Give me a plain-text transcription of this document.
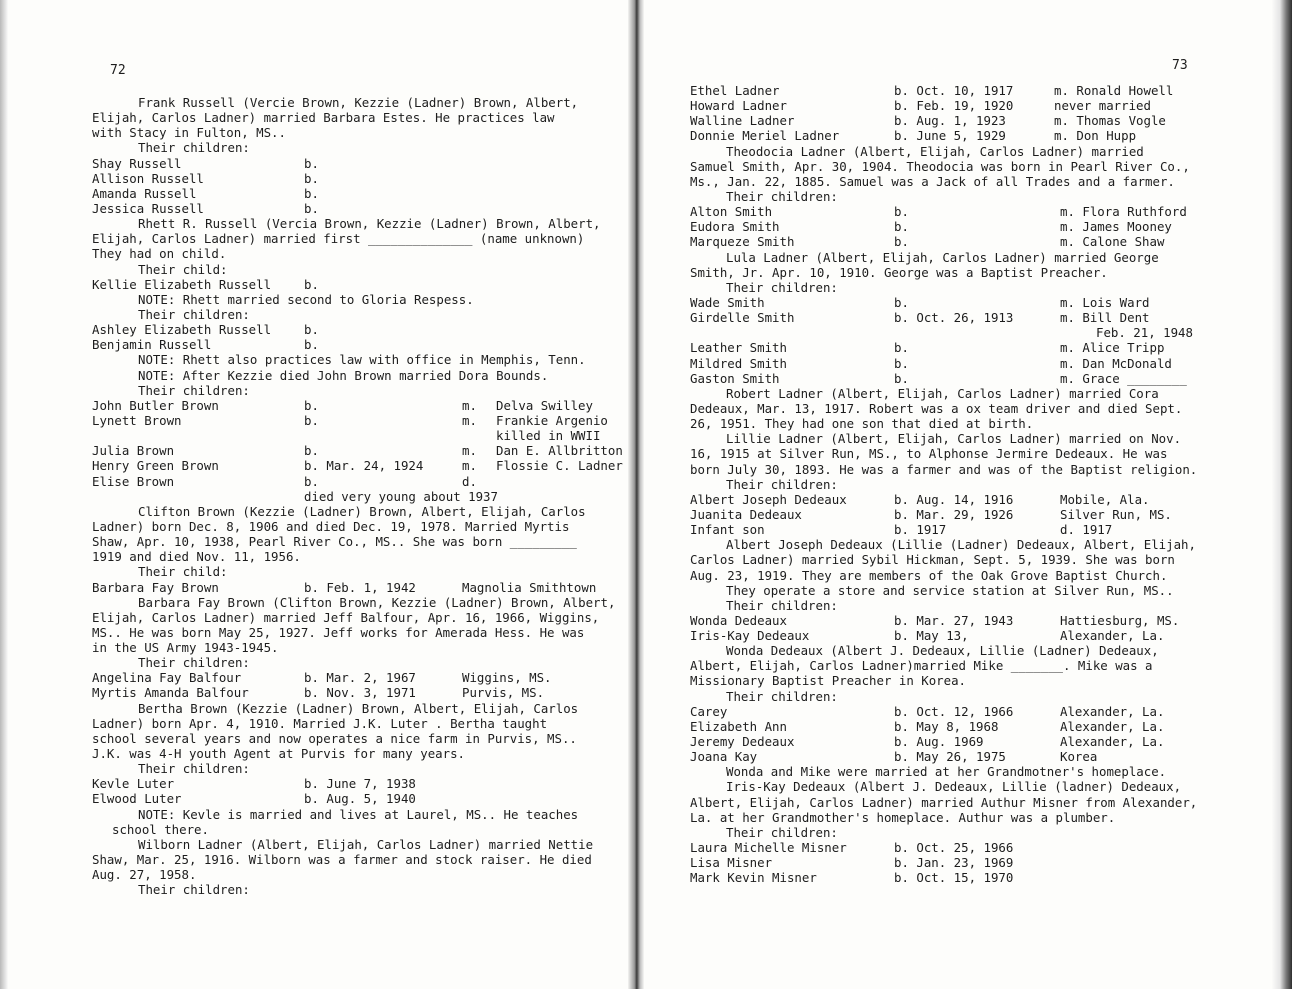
72
Frank Russell (Vercie Brown, Kezzie (Ladner) Brown, Albert,
Elijah, Carlos Ladner) married Barbara Estes. He practices law
with Stacy in Fulton, MS..
Their children:
Shay Russell	b.
Allison Russell	b.
Amanda Russell	b.
Jessica Russell	b.
Rhett R. Russell (Vercia Brown, Kezzie (Ladner) Brown, Albert,
Elijah, Carlos Ladner) married first ______________ (name unknown)
They had on child.
Their child:
Kellie Elizabeth Russell	b.
NOTE: Rhett married second to Gloria Respess.
Their children:
Ashley Elizabeth Russell	b.
Benjamin Russell	b.
NOTE: Rhett also practices law with office in Memphis, Tenn.
NOTE: After Kezzie died John Brown married Dora Bounds.
Their children:
John Butler Brown	b.	m. Delva Swilley
Lynett Brown	b.	m. Frankie Argenio
killed in WWII
Julia Brown	b.	m. Dan E. Allbritton
Henry Green Brown	b. Mar. 24, 1924	m. Flossie C. Ladner
Elise Brown	b.	d.
died very young about 1937
Clifton Brown (Kezzie (Ladner) Brown, Albert, Elijah, Carlos
Ladner) born Dec. 8, 1906 and died Dec. 19, 1978. Married Myrtis
Shaw, Apr. 10, 1938, Pearl River Co., MS.. She was born _________
1919 and died Nov. 11, 1956.
Their child:
Barbara Fay Brown	b. Feb. 1, 1942	Magnolia Smithtown
Barbara Fay Brown (Clifton Brown, Kezzie (Ladner) Brown, Albert,
Elijah, Carlos Ladner) married Jeff Balfour, Apr. 16, 1966, Wiggins,
MS.. He was born May 25, 1927. Jeff works for Amerada Hess. He was
in the US Army 1943-1945.
Their children:
Angelina Fay Balfour	b. Mar. 2, 1967	Wiggins, MS.
Myrtis Amanda Balfour	b. Nov. 3, 1971	Purvis, MS.
Bertha Brown (Kezzie (Ladner) Brown, Albert, Elijah, Carlos
Ladner) born Apr. 4, 1910. Married J.K. Luter . Bertha taught
school several years and now operates a nice farm in Purvis, MS..
J.K. was 4-H youth Agent at Purvis for many years.
Their children:
Kevle Luter	b. June 7, 1938
Elwood Luter	b. Aug. 5, 1940
NOTE: Kevle is married and lives at Laurel, MS.. He teaches
school there.
Wilborn Ladner (Albert, Elijah, Carlos Ladner) married Nettie
Shaw, Mar. 25, 1916. Wilborn was a farmer and stock raiser. He died
Aug. 27, 1958.
Their children:
73
Ethel Ladner	b. Oct. 10, 1917	m. Ronald Howell
Howard Ladner	b. Feb. 19, 1920	never married
Walline Ladner	b. Aug. 1, 1923	m. Thomas Vogle
Donnie Meriel Ladner	b. June 5, 1929	m. Don Hupp
Theodocia Ladner (Albert, Elijah, Carlos Ladner) married
Samuel Smith, Apr. 30, 1904. Theodocia was born in Pearl River Co.,
Ms., Jan. 22, 1885. Samuel was a Jack of all Trades and a farmer.
Their children:
Alton Smith	b.	m. Flora Ruthford
Eudora Smith	b.	m. James Mooney
Marqueze Smith	b.	m. Calone Shaw
Lula Ladner (Albert, Elijah, Carlos Ladner) married George
Smith, Jr. Apr. 10, 1910. George was a Baptist Preacher.
Their children:
Wade Smith	b.	m. Lois Ward
Girdelle Smith	b. Oct. 26, 1913	m. Bill Dent
Feb. 21, 1948
Leather Smith	b.	m. Alice Tripp
Mildred Smith	b.	m. Dan McDonald
Gaston Smith	b.	m. Grace ________
Robert Ladner (Albert, Elijah, Carlos Ladner) married Cora
Dedeaux, Mar. 13, 1917. Robert was a ox team driver and died Sept.
26, 1951. They had one son that died at birth.
Lillie Ladner (Albert, Elijah, Carlos Ladner) married on Nov.
16, 1915 at Silver Run, MS., to Alphonse Jermire Dedeaux. He was
born July 30, 1893. He was a farmer and was of the Baptist religion.
Their children:
Albert Joseph Dedeaux	b. Aug. 14, 1916	Mobile, Ala.
Juanita Dedeaux	b. Mar. 29, 1926	Silver Run, MS.
Infant son	b. 1917	d. 1917
Albert Joseph Dedeaux (Lillie (Ladner) Dedeaux, Albert, Elijah,
Carlos Ladner) married Sybil Hickman, Sept. 5, 1939. She was born
Aug. 23, 1919. They are members of the Oak Grove Baptist Church.
They operate a store and service station at Silver Run, MS..
Their children:
Wonda Dedeaux	b. Mar. 27, 1943	Hattiesburg, MS.
Iris-Kay Dedeaux	b. May 13,	Alexander, La.
Wonda Dedeaux (Albert J. Dedeaux, Lillie (Ladner) Dedeaux,
Albert, Elijah, Carlos Ladner)married Mike _______. Mike was a
Missionary Baptist Preacher in Korea.
Their children:
Carey	b. Oct. 12, 1966	Alexander, La.
Elizabeth Ann	b. May 8, 1968	Alexander, La.
Jeremy Dedeaux	b. Aug. 1969	Alexander, La.
Joana Kay	b. May 26, 1975	Korea
Wonda and Mike were married at her Grandmotner's homeplace.
Iris-Kay Dedeaux (Albert J. Dedeaux, Lillie (ladner) Dedeaux,
Albert, Elijah, Carlos Ladner) married Authur Misner from Alexander,
La. at her Grandmother's homeplace. Authur was a plumber.
Their children:
Laura Michelle Misner	b. Oct. 25, 1966
Lisa Misner	b. Jan. 23, 1969
Mark Kevin Misner	b. Oct. 15, 1970
